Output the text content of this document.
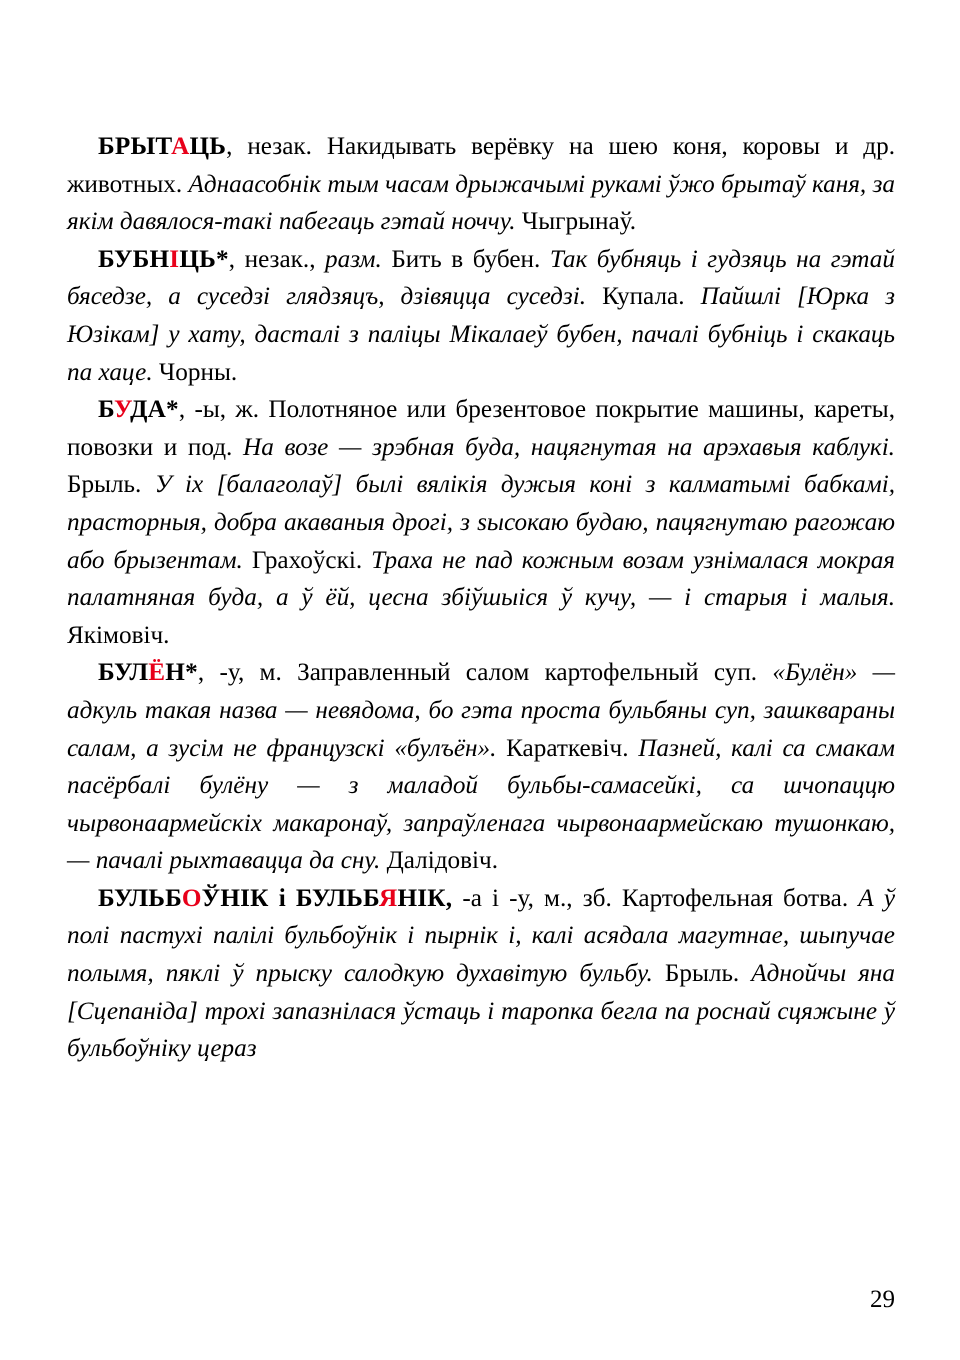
БРЫТАЦЬ, незак. Накидывать верёвку на шею коня, коровы и др. животных. Аднаасобнік тым часам дрыжачымі рукамі ўжо брытаў каня, за якім давялося-такі пабегаць гэтай ноччу. Чыгрынаў.

БУБНІЦЬ*, незак., разм. Бить в бубен. Так бубняць і гудзяць на гэтай бяседзе, а суседзі глядзяцъ, дзівяцца суседзі. Купала. Пайшлі [Юрка з Юзікам] у хату, дасталі з паліцы Мікалаеў бубен, пачалі бубніць і скакаць па хаце. Чорны.

БУДА*, -ы, ж. Полотняное или брезентовое покрытие машины, кареты, повозки и под. На возе — зрэбная буда, нацягнутая на арэхавыя каблукі. Брыль. У іх [балаголаў] былі вялікія дужыя коні з калматымі бабкамі, прасторныя, добра акаваныя дрогі, з sысокаю будаю, пацягнутаю рагожаю або брызентам. Грахоўскі. Траха не пад кожным возам узнімалася мокрая палатняная буда, а ў ёй, цесна збіўшыіся ў кучу, — і старыя і малыя. Якімовіч.

БУЛЁН*, -у, м. Заправленный салом картофельный суп. «Булён» — адкуль такая назва — невядома, бо гэта проста бульбяны суп, зашквараны салам, а зусім не французскі «булъён». Караткевіч. Пазней, калі са смакам пасёрбалі булёну — з маладой бульбы-самасейкі, са шчопаццю чырвонаармейскіх макаронаў, запраўленага чырвонаармейскаю тушонкаю, — пачалі рыхтавацца да сну. Далідовіч.

БУЛЬБОЎНІК і БУЛЬБЯНІК, -а і -у, м., зб. Картофельная ботва. А ў полі пастухі палілі бульбоўнік і пырнік і, калі асядала магутнае, шыпучае полымя, пяклі ў прыску салодкую духавітую бульбу. Брыль. Аднойчы яна [Сцепаніда] трохі запазнілася ўстаць і таропка бегла па роснай сцяжыне ў бульбоўніку цераз

29
